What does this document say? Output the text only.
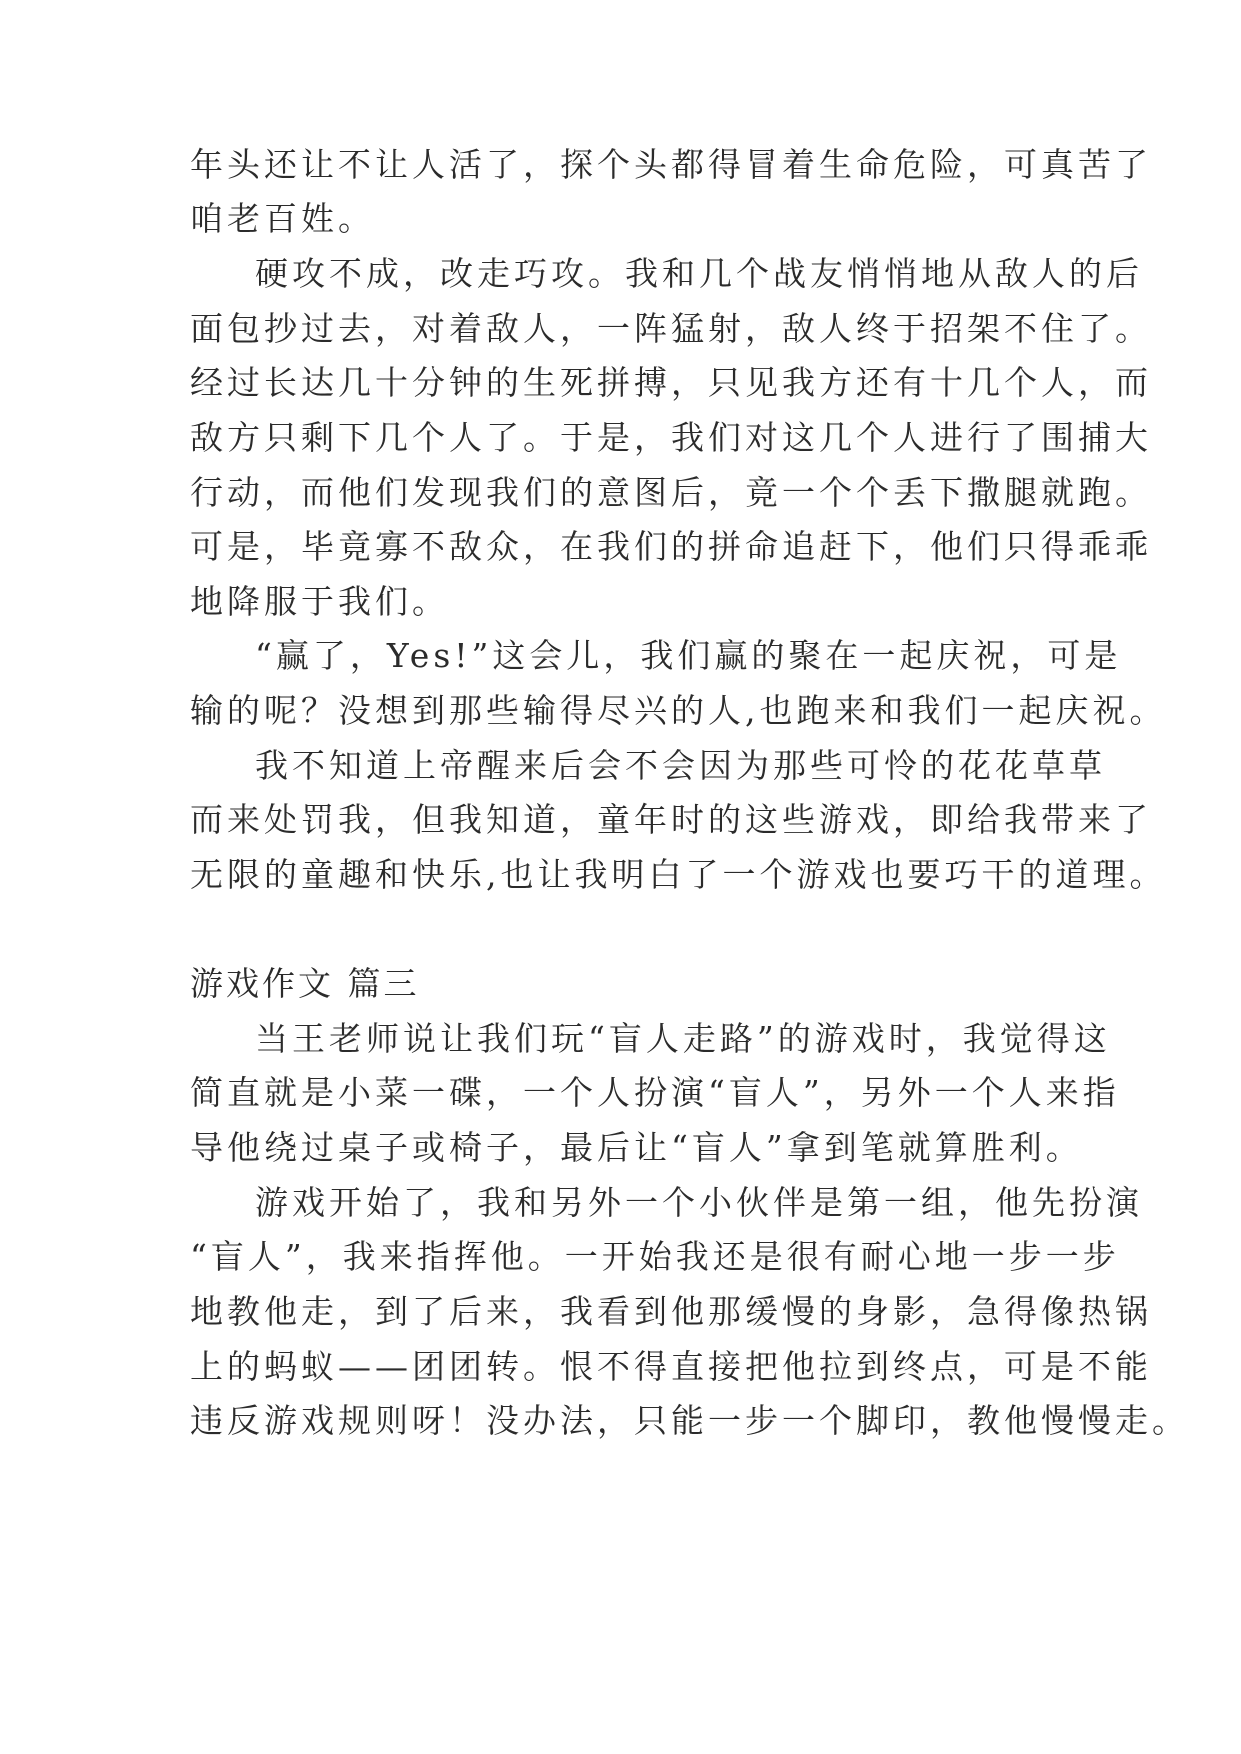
年头还让不让人活了，探个头都得冒着生命危险，可真苦了
咱老百姓。
硬攻不成，改走巧攻。我和几个战友悄悄地从敌人的后
面包抄过去，对着敌人，一阵猛射，敌人终于招架不住了。
经过长达几十分钟的生死拼搏，只见我方还有十几个人，而
敌方只剩下几个人了。于是，我们对这几个人进行了围捕大
行动，而他们发现我们的意图后，竟一个个丢下撒腿就跑。
可是，毕竟寡不敌众，在我们的拼命追赶下，他们只得乖乖
地降服于我们。
“赢了，Yes!”这会儿，我们赢的聚在一起庆祝，可是
输的呢？没想到那些输得尽兴的人,也跑来和我们一起庆祝。
我不知道上帝醒来后会不会因为那些可怜的花花草草
而来处罚我，但我知道，童年时的这些游戏，即给我带来了
无限的童趣和快乐,也让我明白了一个游戏也要巧干的道理。
游戏作文 篇三
当王老师说让我们玩“盲人走路”的游戏时，我觉得这
简直就是小菜一碟，一个人扮演“盲人”，另外一个人来指
导他绕过桌子或椅子，最后让“盲人”拿到笔就算胜利。
游戏开始了，我和另外一个小伙伴是第一组，他先扮演
“盲人”，我来指挥他。一开始我还是很有耐心地一步一步
地教他走，到了后来，我看到他那缓慢的身影，急得像热锅
上的蚂蚁——团团转。恨不得直接把他拉到终点，可是不能
违反游戏规则呀！没办法，只能一步一个脚印，教他慢慢走。
